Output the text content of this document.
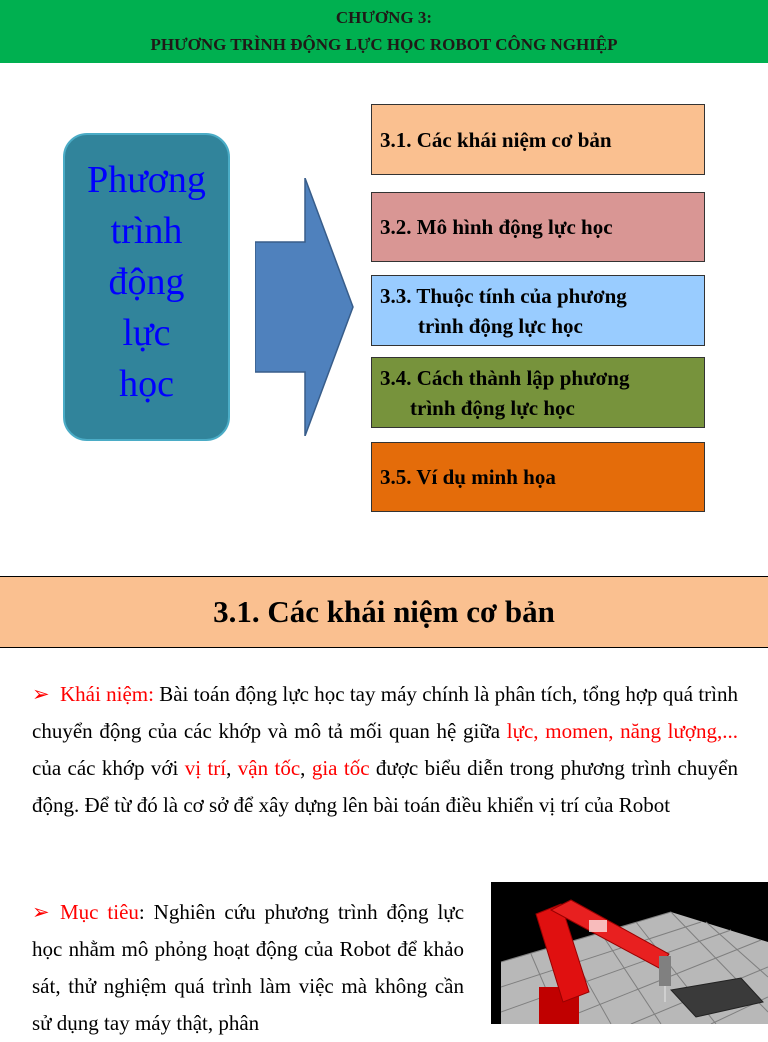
CHƯƠNG 3:
PHƯƠNG TRÌNH ĐỘNG LỰC HỌC ROBOT CÔNG NGHIỆP
Phương
trình
động
lực
học
3.1. Các khái niệm cơ bản
3.2. Mô hình động lực học
3.3. Thuộc tính của phương
trình động lực học
3.4. Cách thành lập phương
trình động lực học
3.5. Ví dụ minh họa
3.1. Các khái niệm cơ bản
➢ Khái niệm: Bài toán động lực học tay máy chính là phân tích, tổng hợp quá trình chuyển động của các khớp và mô tả mối quan hệ giữa lực, momen, năng lượng,... của các khớp với vị trí, vận tốc, gia tốc được biểu diễn trong phương trình chuyển động. Để từ đó là cơ sở để xây dựng lên bài toán điều khiển vị trí của Robot
➢ Mục tiêu: Nghiên cứu phương trình động lực học nhằm mô phỏng hoạt động của Robot để khảo sát, thử nghiệm quá trình làm việc mà không cần sử dụng tay máy thật, phân
